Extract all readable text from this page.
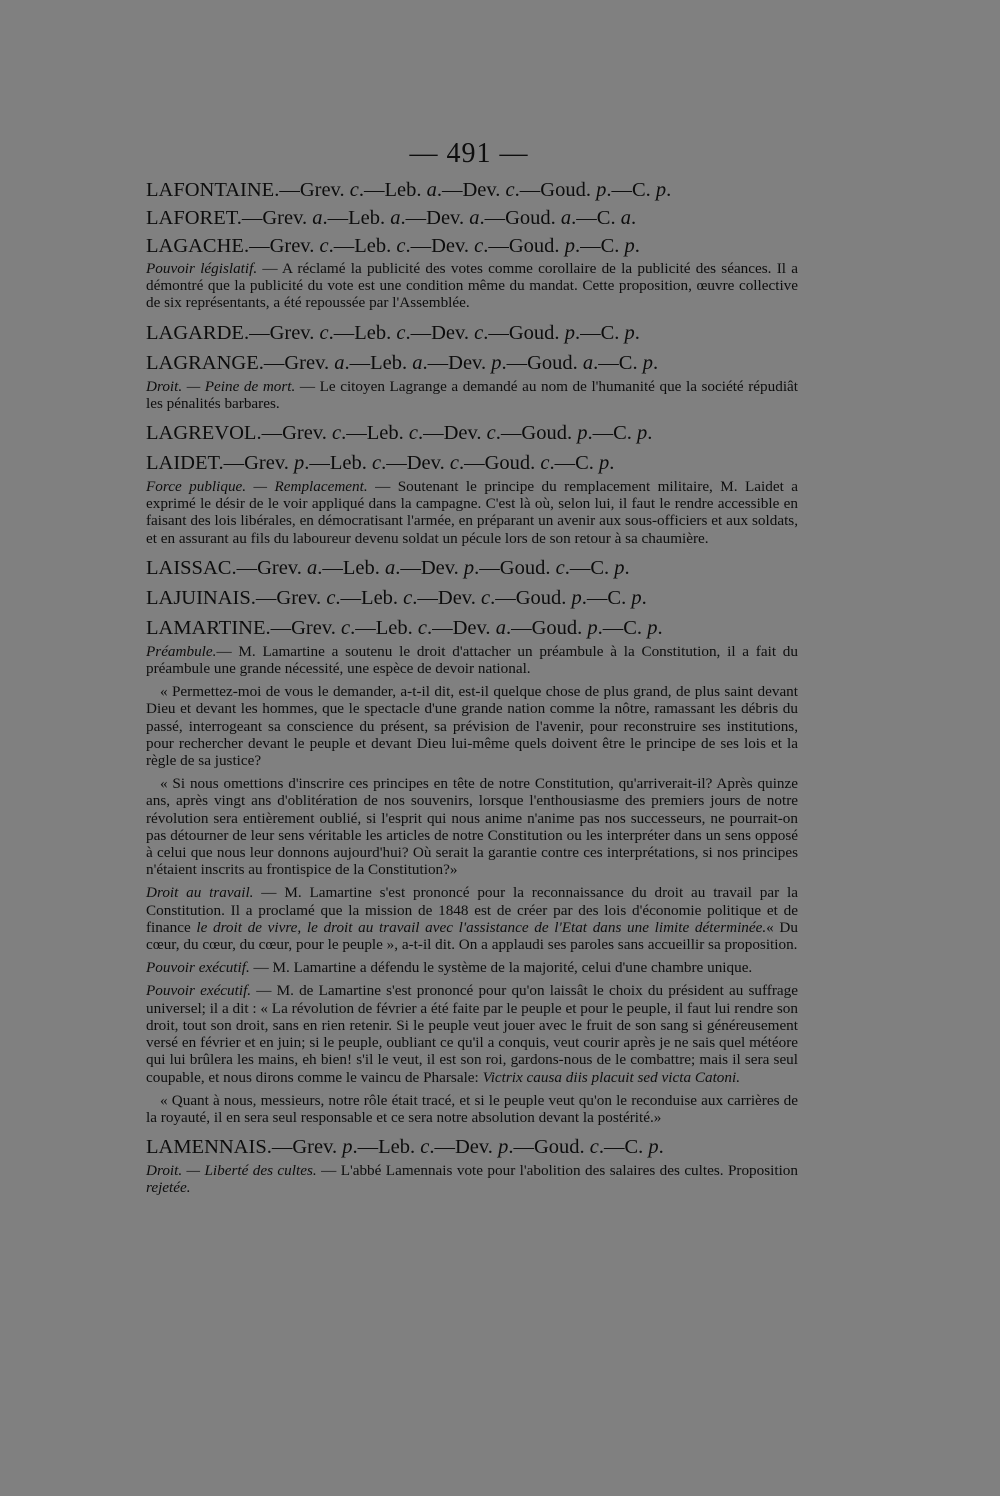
— 491 —

LAFONTAINE.—Grev. c.—Leb. a.—Dev. c.—Goud. p.—C. p.

LAFORET.—Grev. a.—Leb. a.—Dev. a.—Goud. a.—C. a.

LAGACHE.—Grev. c.—Leb. c.—Dev. c.—Goud. p.—C. p.

Pouvoir législatif. — A réclamé la publicité des votes comme corollaire de la publicité des séances. Il a démontré que la publicité du vote est une condition même du mandat. Cette proposition, œuvre collective de six représentants, a été repoussée par l'Assemblée.

LAGARDE.—Grev. c.—Leb. c.—Dev. c.—Goud. p.—C. p.

LAGRANGE.—Grev. a.—Leb. a.—Dev. p.—Goud. a.—C. p.

Droit. — Peine de mort. — Le citoyen Lagrange a demandé au nom de l'humanité que la société répudiât les pénalités barbares.

LAGREVOL.—Grev. c.—Leb. c.—Dev. c.—Goud. p.—C. p.

LAIDET.—Grev. p.—Leb. c.—Dev. c.—Goud. c.—C. p.

Force publique. — Remplacement. — Soutenant le principe du remplacement militaire, M. Laidet a exprimé le désir de le voir appliqué dans la campagne. C'est là où, selon lui, il faut le rendre accessible en faisant des lois libérales, en démocratisant l'armée, en préparant un avenir aux sous-officiers et aux soldats, et en assurant au fils du laboureur devenu soldat un pécule lors de son retour à sa chaumière.

LAISSAC.—Grev. a.—Leb. a.—Dev. p.—Goud. c.—C. p.

LAJUINAIS.—Grev. c.—Leb. c.—Dev. c.—Goud. p.—C. p.

LAMARTINE.—Grev. c.—Leb. c.—Dev. a.—Goud. p.—C. p.

Préambule.— M. Lamartine a soutenu le droit d'attacher un préambule à la Constitution, il a fait du préambule une grande nécessité, une espèce de devoir national.

« Permettez-moi de vous le demander, a-t-il dit, est-il quelque chose de plus grand, de plus saint devant Dieu et devant les hommes, que le spectacle d'une grande nation comme la nôtre, ramassant les débris du passé, interrogeant sa conscience du présent, sa prévision de l'avenir, pour reconstruire ses institutions, pour rechercher devant le peuple et devant Dieu lui-même quels doivent être le principe de ses lois et la règle de sa justice?

« Si nous omettions d'inscrire ces principes en tête de notre Constitution, qu'arriverait-il? Après quinze ans, après vingt ans d'oblitération de nos souvenirs, lorsque l'enthousiasme des premiers jours de notre révolution sera entièrement oublié, si l'esprit qui nous anime n'anime pas nos successeurs, ne pourrait-on pas détourner de leur sens véritable les articles de notre Constitution ou les interpréter dans un sens opposé à celui que nous leur donnons aujourd'hui? Où serait la garantie contre ces interprétations, si nos principes n'étaient inscrits au frontispice de la Constitution?»

Droit au travail. — M. Lamartine s'est prononcé pour la reconnaissance du droit au travail par la Constitution. Il a proclamé que la mission de 1848 est de créer par des lois d'économie politique et de finance le droit de vivre, le droit au travail avec l'assistance de l'Etat dans une limite déterminée.« Du cœur, du cœur, du cœur, pour le peuple », a-t-il dit. On a applaudi ses paroles sans accueillir sa proposition.

Pouvoir exécutif. — M. Lamartine a défendu le système de la majorité, celui d'une chambre unique.

Pouvoir exécutif. — M. de Lamartine s'est prononcé pour qu'on laissât le choix du président au suffrage universel; il a dit : « La révolution de février a été faite par le peuple et pour le peuple, il faut lui rendre son droit, tout son droit, sans en rien retenir. Si le peuple veut jouer avec le fruit de son sang si généreusement versé en février et en juin; si le peuple, oubliant ce qu'il a conquis, veut courir après je ne sais quel météore qui lui brûlera les mains, eh bien! s'il le veut, il est son roi, gardons-nous de le combattre; mais il sera seul coupable, et nous dirons comme le vaincu de Pharsale: Victrix causa diis placuit sed victa Catoni.

« Quant à nous, messieurs, notre rôle était tracé, et si le peuple veut qu'on le reconduise aux carrières de la royauté, il en sera seul responsable et ce sera notre absolution devant la postérité.»

LAMENNAIS.—Grev. p.—Leb. c.—Dev. p.—Goud. c.—C. p.

Droit. — Liberté des cultes. — L'abbé Lamennais vote pour l'abolition des salaires des cultes. Proposition rejetée.
